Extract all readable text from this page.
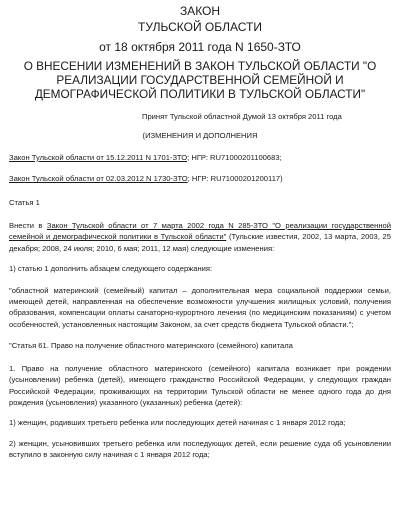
ЗАКОН

ТУЛЬСКОЙ ОБЛАСТИ

от 18 октября 2011 года N 1650-ЗТО

О ВНЕСЕНИИ ИЗМЕНЕНИЙ В ЗАКОН ТУЛЬСКОЙ ОБЛАСТИ "О

РЕАЛИЗАЦИИ ГОСУДАРСТВЕННОЙ СЕМЕЙНОЙ И

ДЕМОГРАФИЧЕСКОЙ ПОЛИТИКИ В ТУЛЬСКОЙ ОБЛАСТИ"

Принят Тульской областной Думой 13 октября 2011 года

(ИЗМЕНЕНИЯ И ДОПОЛНЕНИЯ

Закон Тульской области от 15.12.2011 N 1701-ЗТО; НГР: RU71000201100683;

Закон Тульской области от 02.03.2012 N 1730-ЗТО; НГР: RU71000201200117)

Статья 1

Внести в Закон Тульской области от 7 марта 2002 года N 285-ЗТО "О реализации государственной семейной и демографической политики в Тульской области" (Тульские известия, 2002, 13 марта, 2003, 25 декабря; 2008, 24 июля; 2010, 6 мая; 2011, 12 мая) следующие изменения:

1) статью 1 дополнить абзацем следующего содержания:

"областной материнский (семейный) капитал – дополнительная мера социальной поддержки семьи, имеющей детей, направленная на обеспечение возможности улучшения жилищных условий, получения образования, компенсации оплаты санаторно-курортного лечения (по медицинским показаниям) с учетом особенностей, установленных настоящим Законом, за счет средств бюджета Тульской области.";

"Статья 61. Право на получение областного материнского (семейного) капитала

1. Право на получение областного материнского (семейного) капитала возникает при рождении (усыновлении) ребенка (детей), имеющего гражданство Российской Федерации, у следующих граждан Российской Федерации, проживающих на территории Тульской области не менее одного года до дня рождения (усыновления) указанного (указанных) ребенка (детей):

1) женщин, родивших третьего ребенка или последующих детей начиная с 1 января 2012 года;

2) женщин, усыновивших третьего ребенка или последующих детей, если решение суда об усыновлении вступило в законную силу начиная с 1 января 2012 года;
